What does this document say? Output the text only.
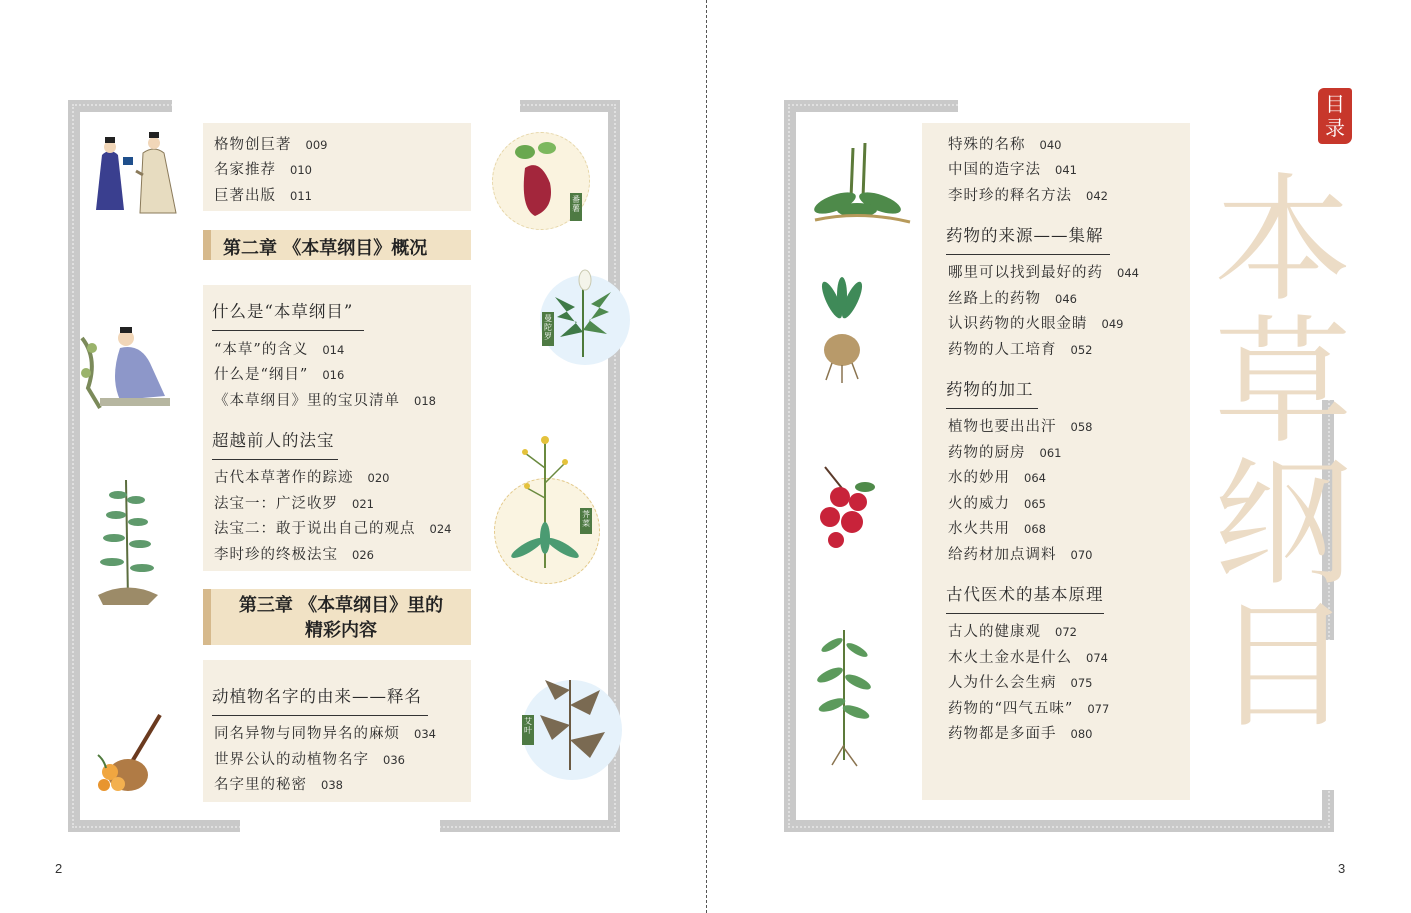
番薯
曼陀罗
荠菜
艾叶
格物创巨著 009
名家推荐 010
巨著出版 011
第二章 《本草纲目》概况
什么是“本草纲目”
“本草”的含义 014
什么是“纲目” 016
《本草纲目》里的宝贝清单 018
超越前人的法宝
古代本草著作的踪迹 020
法宝一：广泛收罗 021
法宝二：敢于说出自己的观点 024
李时珍的终极法宝 026
第三章 《本草纲目》里的
精彩内容
动植物名字的由来——释名
同名异物与同物异名的麻烦 034
世界公认的动植物名字 036
名字里的秘密 038
2
本
草
纲
目
目
录
特殊的名称 040
中国的造字法 041
李时珍的释名方法 042
药物的来源——集解
哪里可以找到最好的药 044
丝路上的药物 046
认识药物的火眼金睛 049
药物的人工培育 052
药物的加工
植物也要出出汗 058
药物的厨房 061
水的妙用 064
火的威力 065
水火共用 068
给药材加点调料 070
古代医术的基本原理
古人的健康观 072
木火土金水是什么 074
人为什么会生病 075
药物的“四气五味” 077
药物都是多面手 080
3
